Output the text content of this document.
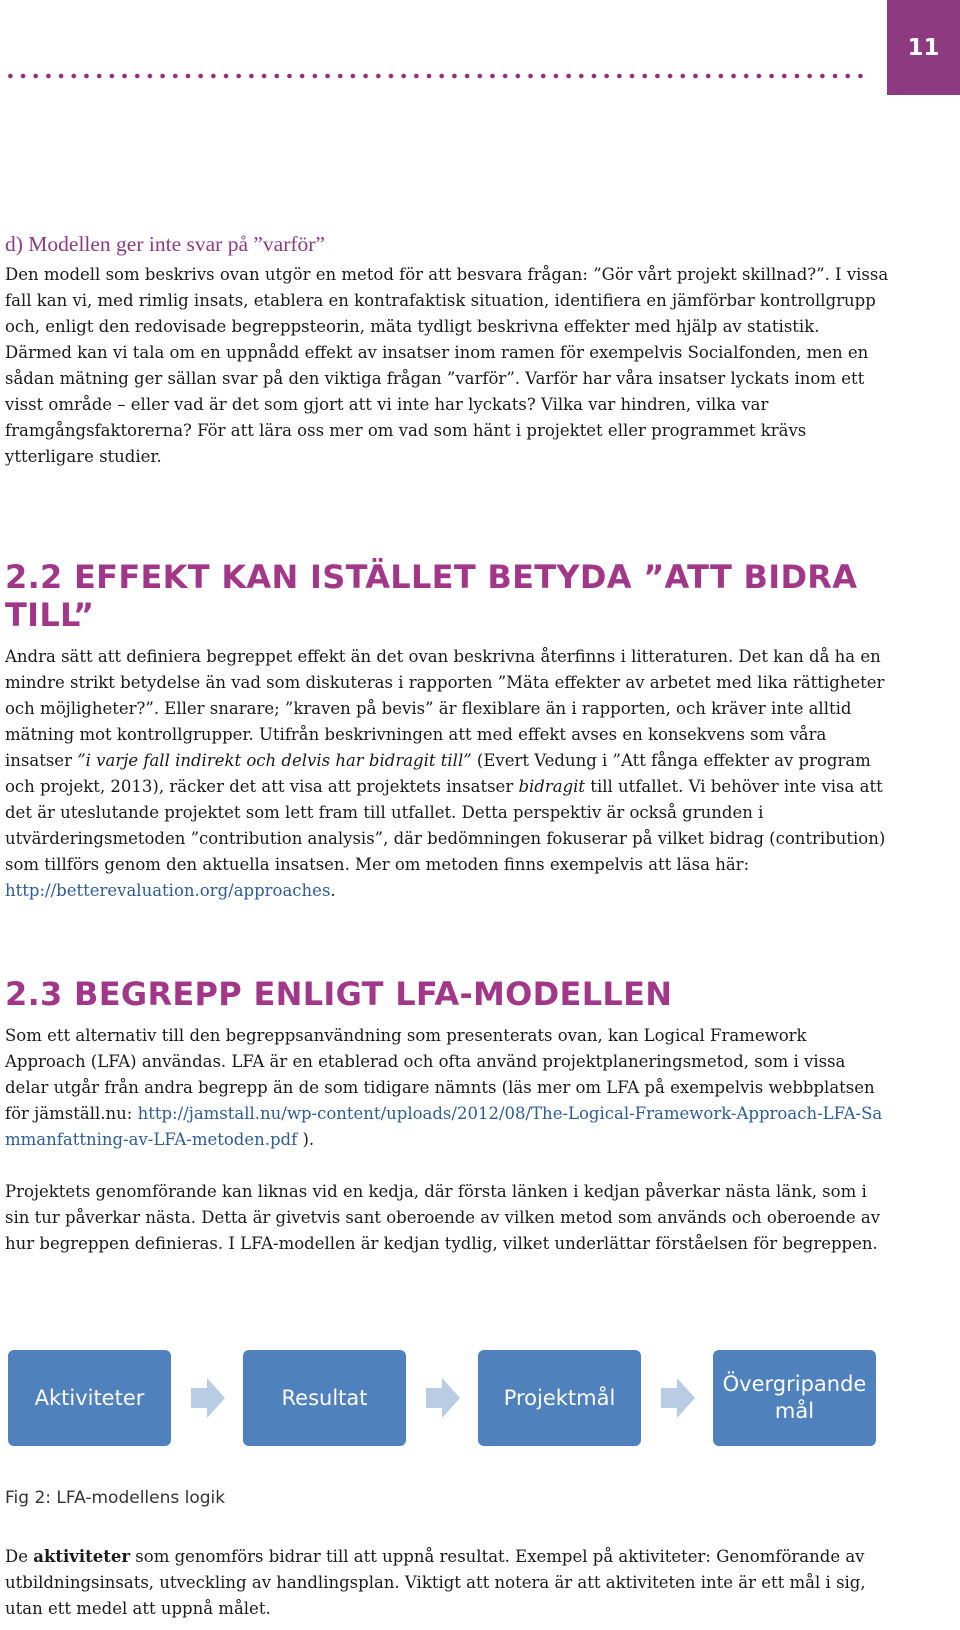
11
d) Modellen ger inte svar på ”varför”

Den modell som beskrivs ovan utgör en metod för att besvara frågan: ”Gör vårt projekt skillnad?”. I vissa fall kan vi, med rimlig insats, etablera en kontrafaktisk situation, identifiera en jämförbar kontrollgrupp och, enligt den redovisade begreppsteorin, mäta tydligt beskrivna effekter med hjälp av statistik. Därmed kan vi tala om en uppnådd effekt av insatser inom ramen för exempelvis Socialfonden, men en sådan mätning ger sällan svar på den viktiga frågan ”varför”. Varför har våra insatser lyckats inom ett visst område – eller vad är det som gjort att vi inte har lyckats? Vilka var hindren, vilka var framgångsfaktorerna? För att lära oss mer om vad som hänt i projektet eller programmet krävs ytterligare studier.

2.2 EFFEKT KAN ISTÄLLET BETYDA ”ATT BIDRA TILL”

Andra sätt att definiera begreppet effekt än det ovan beskrivna återfinns i litteraturen. Det kan då ha en mindre strikt betydelse än vad som diskuteras i rapporten ”Mäta effekter av arbetet med lika rättigheter och möjligheter?”. Eller snarare; ”kraven på bevis” är flexiblare än i rapporten, och kräver inte alltid mätning mot kontrollgrupper. Utifrån beskrivningen att med effekt avses en konsekvens som våra insatser ”i varje fall indirekt och delvis har bidragit till” (Evert Vedung i ”Att fånga effekter av program och projekt, 2013), räcker det att visa att projektets insatser bidragit till utfallet. Vi behöver inte visa att det är uteslutande projektet som lett fram till utfallet. Detta perspektiv är också grunden i utvärderingsmetoden ”contribution analysis”, där bedömningen fokuserar på vilket bidrag (contribution) som tillförs genom den aktuella insatsen. Mer om metoden finns exempelvis att läsa här: http://betterevaluation.org/approaches.

2.3 BEGREPP ENLIGT LFA-MODELLEN

Som ett alternativ till den begreppsanvändning som presenterats ovan, kan Logical Framework Approach (LFA) användas. LFA är en etablerad och ofta använd projektplaneringsmetod, som i vissa delar utgår från andra begrepp än de som tidigare nämnts (läs mer om LFA på exempelvis webbplatsen för jämställ.nu: http://jamstall.nu/wp-content/uploads/2012/08/The-Logical-Framework-Approach-LFA-Sammanfattning-av-LFA-metoden.pdf ).

Projektets genomförande kan liknas vid en kedja, där första länken i kedjan påverkar nästa länk, som i sin tur påverkar nästa. Detta är givetvis sant oberoende av vilken metod som används och oberoende av hur begreppen definieras. I LFA-modellen är kedjan tydlig, vilket underlättar förståelsen för begreppen.

Aktiviteter	Resultat	Projektmål
Övergripande mål
Fig 2: LFA-modellens logik

De aktiviteter som genomförs bidrar till att uppnå resultat. Exempel på aktiviteter: Genomförande av utbildningsinsats, utveckling av handlingsplan. Viktigt att notera är att aktiviteten inte är ett mål i sig, utan ett medel att uppnå målet.
